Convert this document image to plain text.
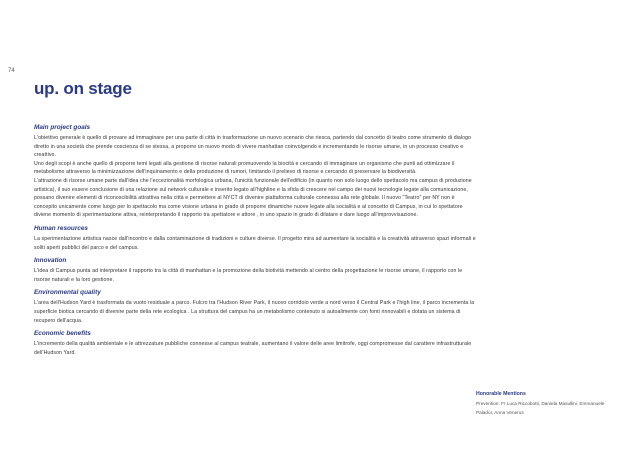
74
up. on stage
Main project goals

L'obiettivo generale è quello di provare ad immaginare per una parte di città in trasformazione un nuovo scenario che riesca, partendo dal concetto di teatro come strumento di dialogo diretto in una società che prende coscienza di se stessa, a proporre un nuovo modo di vivere manhattan coinvolgendo e incrementando le risorse umane, in un processo creativo e creattivo.

Uno degli scopi è anche quello di proporre temi legati alla gestione di risorse naturali promuovendo la biocità e cercando di immaginare un organismo che punti ad ottimizzare il metabolismo attraverso la minimizzazione dell'inquinamento e della produzione di rumori, limitando il prelievo di risorse e cercando di preservare la biodiversità.

L'attrazione di risorse umane parte dall'idea che l'eccezionalità morfologica urbana, l'unicità funzionale dell'edificio (in quanto non solo luogo dello spettacolo ma campus di produzione artistica), il suo essere conclusione di una relazione sul network culturale e inserito legato all'highline e la sfida di crescere nel campo dei nuovi tecnologie legate alla comunicazione, possano divenire elementi di riconoscibilità attrattiva nella città e permettere al NYCT di divenire piattaforma culturale connessa alla rete globale. Il nuovo "Teatro" per NY non è concepito unicamente come luogo per lo spettacolo ma come visione urbana in grado di proporre dinamiche nuove legate alla socialità e al concetto di Campus, in cui lo spettatore diviene momento di sperimentazione attiva, reinterpretando il rapporto tra spettatore e attore , in uno spazio in grado di dilatare e dare luogo all'improvvisazione.

Human resources

La sperimentazione artistica nasce dall'incontro e dalla contaminazione di tradizioni e culture diverse. Il progetto mira ad aumentare la socialità e la creatività attraverso spazi informali e soliti aperti pubblici del parco e del campus.

Innovation

L'idea di Campus punta ad interpretare il rapporto tra la città di manhattan e la promozione della biotività mettendo al centro della progettazione le risorse umane, il rapporto con le risorse naturali e la loro gestione.

Environmental quality

L'area dell'Hudson Yard è trasformata da vuoto residuale a parco. Fulcro tra l'Hudson River Park, il nuovo corridoio verde a nord verso il Central Park e l'high line, il parco incrementa la superficie biotica cercando di divenire parte della rete ecologica . La struttura del campus ha un metabolismo contenuto si autoalimente con fonti rinnovabili e dotata un sistema di recupero dell'acqua.

Economic benefits

L'incremento della qualità ambientale e le attrezzature pubbliche connesse al campus teatrale, aumentano il valore delle aree limitrofe, oggi compromesse dal carattere infrastrutturale dell'Hudson Yard.

Honorable Mentions
Prevention: Fr Luca Riccobotti, Daniela Masullini, Emmanuele
Palador, Anna Venerus
